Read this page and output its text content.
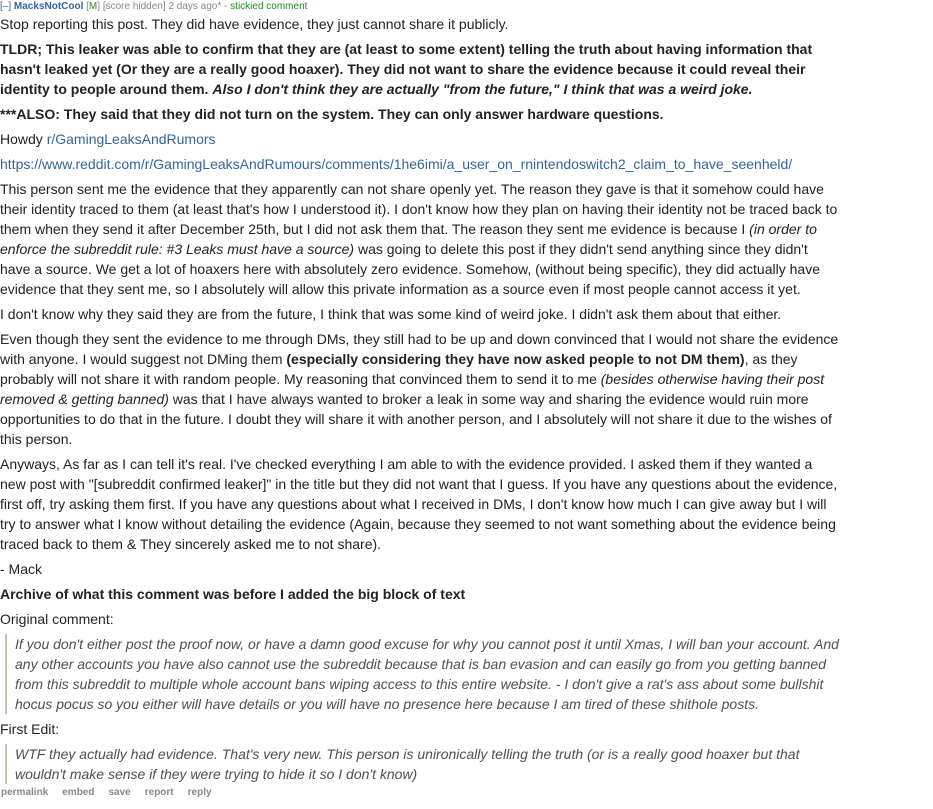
[–] MacksNotCool [M] [score hidden] 2 days ago* - stickied comment

Stop reporting this post. They did have evidence, they just cannot share it publicly.

TLDR; This leaker was able to confirm that they are (at least to some extent) telling the truth about having information that hasn't leaked yet (Or they are a really good hoaxer). They did not want to share the evidence because it could reveal their identity to people around them. Also I don't think they are actually "from the future," I think that was a weird joke.

***ALSO: They said that they did not turn on the system. They can only answer hardware questions.

Howdy r/GamingLeaksAndRumors

https://www.reddit.com/r/GamingLeaksAndRumours/comments/1he6imi/a_user_on_rnintendoswitch2_claim_to_have_seenheld/

This person sent me the evidence that they apparently can not share openly yet. The reason they gave is that it somehow could have their identity traced to them (at least that's how I understood it). I don't know how they plan on having their identity not be traced back to them when they send it after December 25th, but I did not ask them that. The reason they sent me evidence is because I (in order to enforce the subreddit rule: #3 Leaks must have a source) was going to delete this post if they didn't send anything since they didn't have a source. We get a lot of hoaxers here with absolutely zero evidence. Somehow, (without being specific), they did actually have evidence that they sent me, so I absolutely will allow this private information as a source even if most people cannot access it yet.

I don't know why they said they are from the future, I think that was some kind of weird joke. I didn't ask them about that either.

Even though they sent the evidence to me through DMs, they still had to be up and down convinced that I would not share the evidence with anyone. I would suggest not DMing them (especially considering they have now asked people to not DM them), as they probably will not share it with random people. My reasoning that convinced them to send it to me (besides otherwise having their post removed & getting banned) was that I have always wanted to broker a leak in some way and sharing the evidence would ruin more opportunities to do that in the future. I doubt they will share it with another person, and I absolutely will not share it due to the wishes of this person.

Anyways, As far as I can tell it's real. I've checked everything I am able to with the evidence provided. I asked them if they wanted a new post with "[subreddit confirmed leaker]" in the title but they did not want that I guess. If you have any questions about the evidence, first off, try asking them first. If you have any questions about what I received in DMs, I don't know how much I can give away but I will try to answer what I know without detailing the evidence (Again, because they seemed to not want something about the evidence being traced back to them & They sincerely asked me to not share).

- Mack

Archive of what this comment was before I added the big block of text

Original comment:

If you don't either post the proof now, or have a damn good excuse for why you cannot post it until Xmas, I will ban your account. And any other accounts you have also cannot use the subreddit because that is ban evasion and can easily go from you getting banned from this subreddit to multiple whole account bans wiping access to this entire website. - I don't give a rat's ass about some bullshit hocus pocus so you either will have details or you will have no presence here because I am tired of these shithole posts.

First Edit:

WTF they actually had evidence. That's very new. This person is unironically telling the truth (or is a really good hoaxer but that wouldn't make sense if they were trying to hide it so I don't know)

permalink embed save report reply
